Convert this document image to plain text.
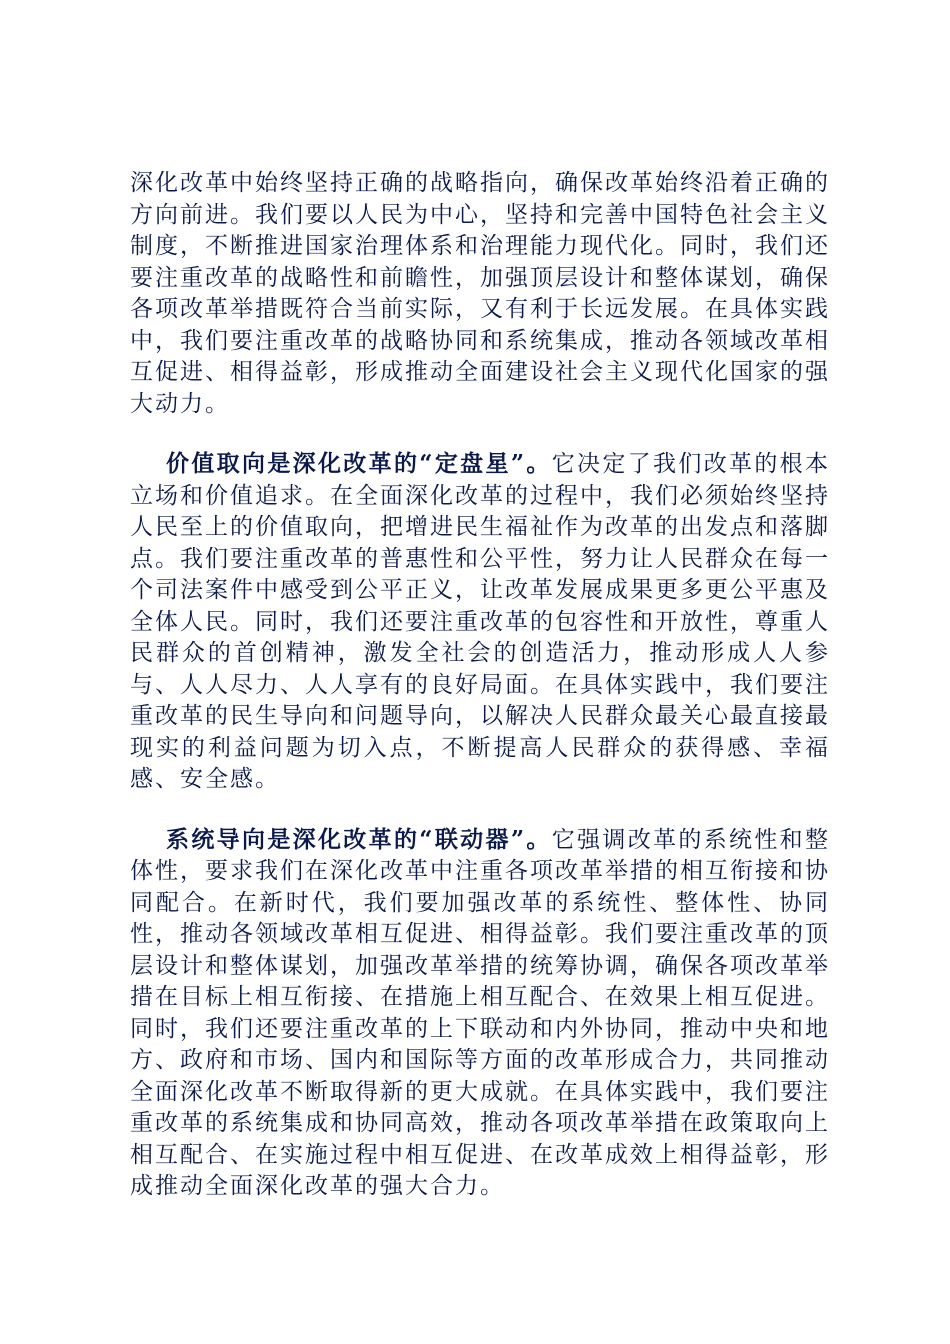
深化改革中始终坚持正确的战略指向，确保改革始终沿着正确的方向前进。我们要以人民为中心，坚持和完善中国特色社会主义制度，不断推进国家治理体系和治理能力现代化。同时，我们还要注重改革的战略性和前瞻性，加强顶层设计和整体谋划，确保各项改革举措既符合当前实际，又有利于长远发展。在具体实践中，我们要注重改革的战略协同和系统集成，推动各领域改革相互促进、相得益彰，形成推动全面建设社会主义现代化国家的强大动力。

价值取向是深化改革的“定盘星”。它决定了我们改革的根本立场和价值追求。在全面深化改革的过程中，我们必须始终坚持人民至上的价值取向，把增进民生福祉作为改革的出发点和落脚点。我们要注重改革的普惠性和公平性，努力让人民群众在每一个司法案件中感受到公平正义，让改革发展成果更多更公平惠及全体人民。同时，我们还要注重改革的包容性和开放性，尊重人民群众的首创精神，激发全社会的创造活力，推动形成人人参与、人人尽力、人人享有的良好局面。在具体实践中，我们要注重改革的民生导向和问题导向，以解决人民群众最关心最直接最现实的利益问题为切入点，不断提高人民群众的获得感、幸福感、安全感。

系统导向是深化改革的“联动器”。它强调改革的系统性和整体性，要求我们在深化改革中注重各项改革举措的相互衔接和协同配合。在新时代，我们要加强改革的系统性、整体性、协同性，推动各领域改革相互促进、相得益彰。我们要注重改革的顶层设计和整体谋划，加强改革举措的统筹协调，确保各项改革举措在目标上相互衔接、在措施上相互配合、在效果上相互促进。同时，我们还要注重改革的上下联动和内外协同，推动中央和地方、政府和市场、国内和国际等方面的改革形成合力，共同推动全面深化改革不断取得新的更大成就。在具体实践中，我们要注重改革的系统集成和协同高效，推动各项改革举措在政策取向上相互配合、在实施过程中相互促进、在改革成效上相得益彰，形成推动全面深化改革的强大合力。
